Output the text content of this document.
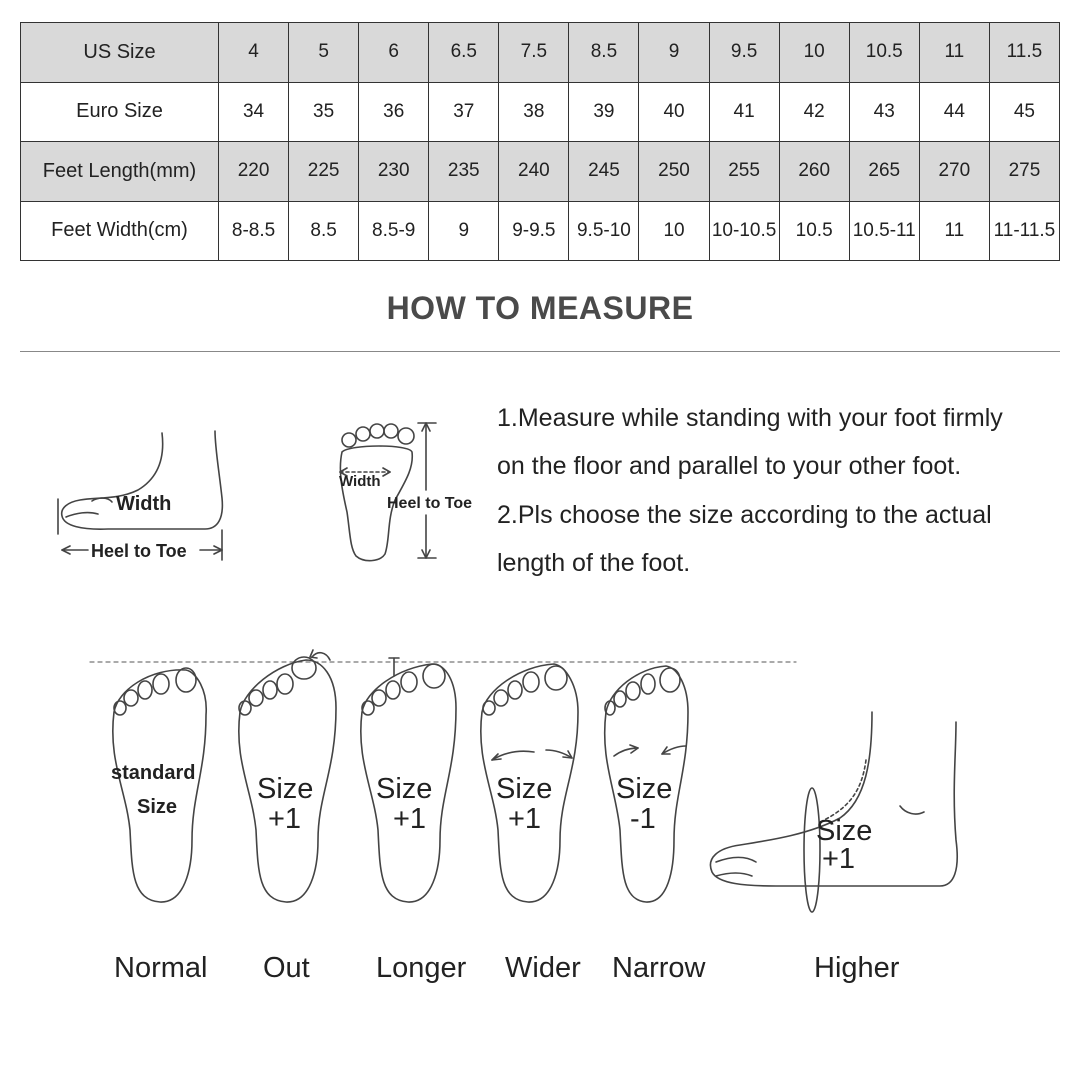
US Size	4	5	6	6.5	7.5	8.5	9	9.5	10	10.5	11	11.5
Euro Size	34	35	36	37	38	39	40	41	42	43	44	45
Feet Length(mm)	220	225	230	235	240	245	250	255	260	265	270	275
Feet Width(cm)	8-8.5	8.5	8.5-9	9	9-9.5	9.5-10	10	10-10.5	10.5	10.5-11	11	11-11.5
HOW TO MEASURE
1.Measure while standing with your foot firmly
on the floor and parallel to your other foot.
2.Pls choose the size according to the actual
length of the foot.
Width
Heel to Toe
Width
Heel to Toe
standard
Size
Size
+1
Size
+1
Size
+1
Size
-1	Size
+1
Normal Out Longer Wider Narrow	Higher
